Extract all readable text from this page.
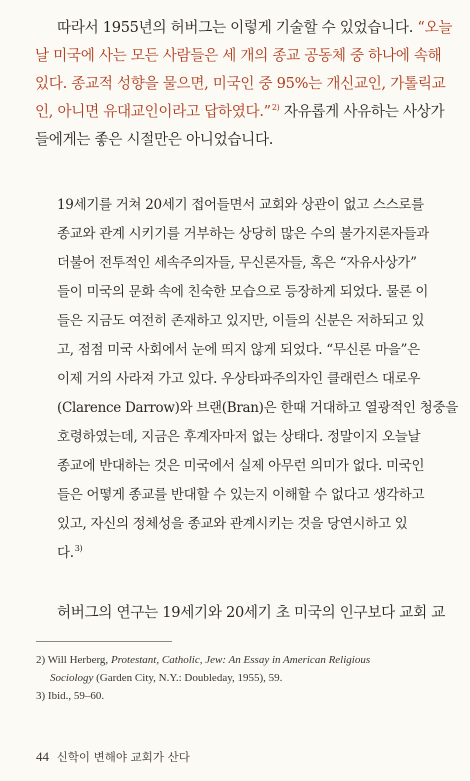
따라서 1955년의 허버그는 이렇게 기술할 수 있었습니다. “오늘
날 미국에 사는 모든 사람들은 세 개의 종교 공동체 중 하나에 속해
있다. 종교적 성향을 물으면, 미국인 중 95%는 개신교인, 가톨릭교
인, 아니면 유대교인이라고 답하였다.”$^{2)}$ 자유롭게 사유하는 사상가
들에게는 좋은 시절만은 아니었습니다.
19세기를 거쳐 20세기 접어들면서 교회와 상관이 없고 스스로를
종교와 관계 시키기를 거부하는 상당히 많은 수의 불가지론자들과
더불어 전투적인 세속주의자들, 무신론자들, 혹은 “자유사상가”
들이 미국의 문화 속에 친숙한 모습으로 등장하게 되었다. 물론 이
들은 지금도 여전히 존재하고 있지만, 이들의 신분은 저하되고 있
고, 점점 미국 사회에서 눈에 띄지 않게 되었다. “무신론 마을”은
이제 거의 사라져 가고 있다. 우상타파주의자인 클래런스 대로우
(Clarence Darrow)와 브랜(Bran)은 한때 거대하고 열광적인 청중을
호령하였는데, 지금은 후계자마저 없는 상태다. 정말이지 오늘날
종교에 반대하는 것은 미국에서 실제 아무런 의미가 없다. 미국인
들은 어떻게 종교를 반대할 수 있는지 이해할 수 없다고 생각하고
있고, 자신의 정체성을 종교와 관계시키는 것을 당연시하고 있
다.$^{3)}$
허버그의 연구는 19세기와 20세기 초 미국의 인구보다 교회 교
2) Will Herberg, Protestant, Catholic, Jew: An Essay in American Religious
Sociology (Garden City, N.Y.: Doubleday, 1955), 59.
3) Ibid., 59–60.
44 신학이 변해야 교회가 산다
